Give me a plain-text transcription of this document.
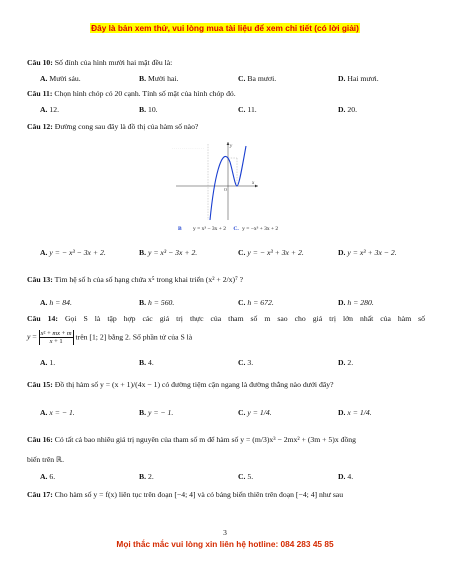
Đây là bản xem thử, vui lòng mua tài liệu để xem chi tiết (có lời giải)
Câu 10: Số đỉnh của hình mười hai mặt đều là:
A. Mười sáu.	B. Mười hai.	C. Ba mươi.	D. Hai mươi.
Câu 11: Chọn hình chóp có 20 cạnh. Tính số mặt của hình chóp đó.
A. 12.	B. 10.	C. 11.	D. 20.
Câu 12: Đường cong sau đây là đồ thị của hàm số nào?
· · · · · · · · · · · · · · · ·
x
y
O
B y = x³ − 3x + 2 C. y = −x³ + 3x + 2
A. y = − x³ − 3x + 2.	B. y = x³ − 3x + 2.	C. y = − x³ + 3x + 2.	D. y = x³ + 3x − 2.
Câu 13: Tìm hệ số h của số hạng chứa x⁵ trong khai triển (x² + 2/x)⁷ ?
A. h = 84.	B. h = 560.	C. h = 672.	D. h = 280.
Câu 14: Gọi S là tập hợp các giá trị thực của tham số m sao cho giá trị lớn nhất của hàm số
$y = \frac{\text{x² + mx + m}}{x + 1}$ trên [1; 2] bằng 2. Số phần tử của S là
A. 1.	B. 4.	C. 3.	D. 2.
Câu 15: Đồ thị hàm số y = (x + 1)/(4x − 1) có đường tiệm cận ngang là đường thẳng nào dưới đây?
A. x = − 1.	B. y = − 1.	C. y = 1/4.	D. x = 1/4.
Câu 16: Có tất cả bao nhiêu giá trị nguyên của tham số m để hàm số y = (m/3)x³ − 2mx² + (3m + 5)x đồng
biến trên ℝ.
A. 6.	B. 2.	C. 5.	D. 4.
Câu 17: Cho hàm số y = f(x) liên tục trên đoạn [−4; 4] và có bảng biến thiên trên đoạn [−4; 4] như sau
3
Mọi thắc mắc vui lòng xin liên hệ hotline: 084 283 45 85
